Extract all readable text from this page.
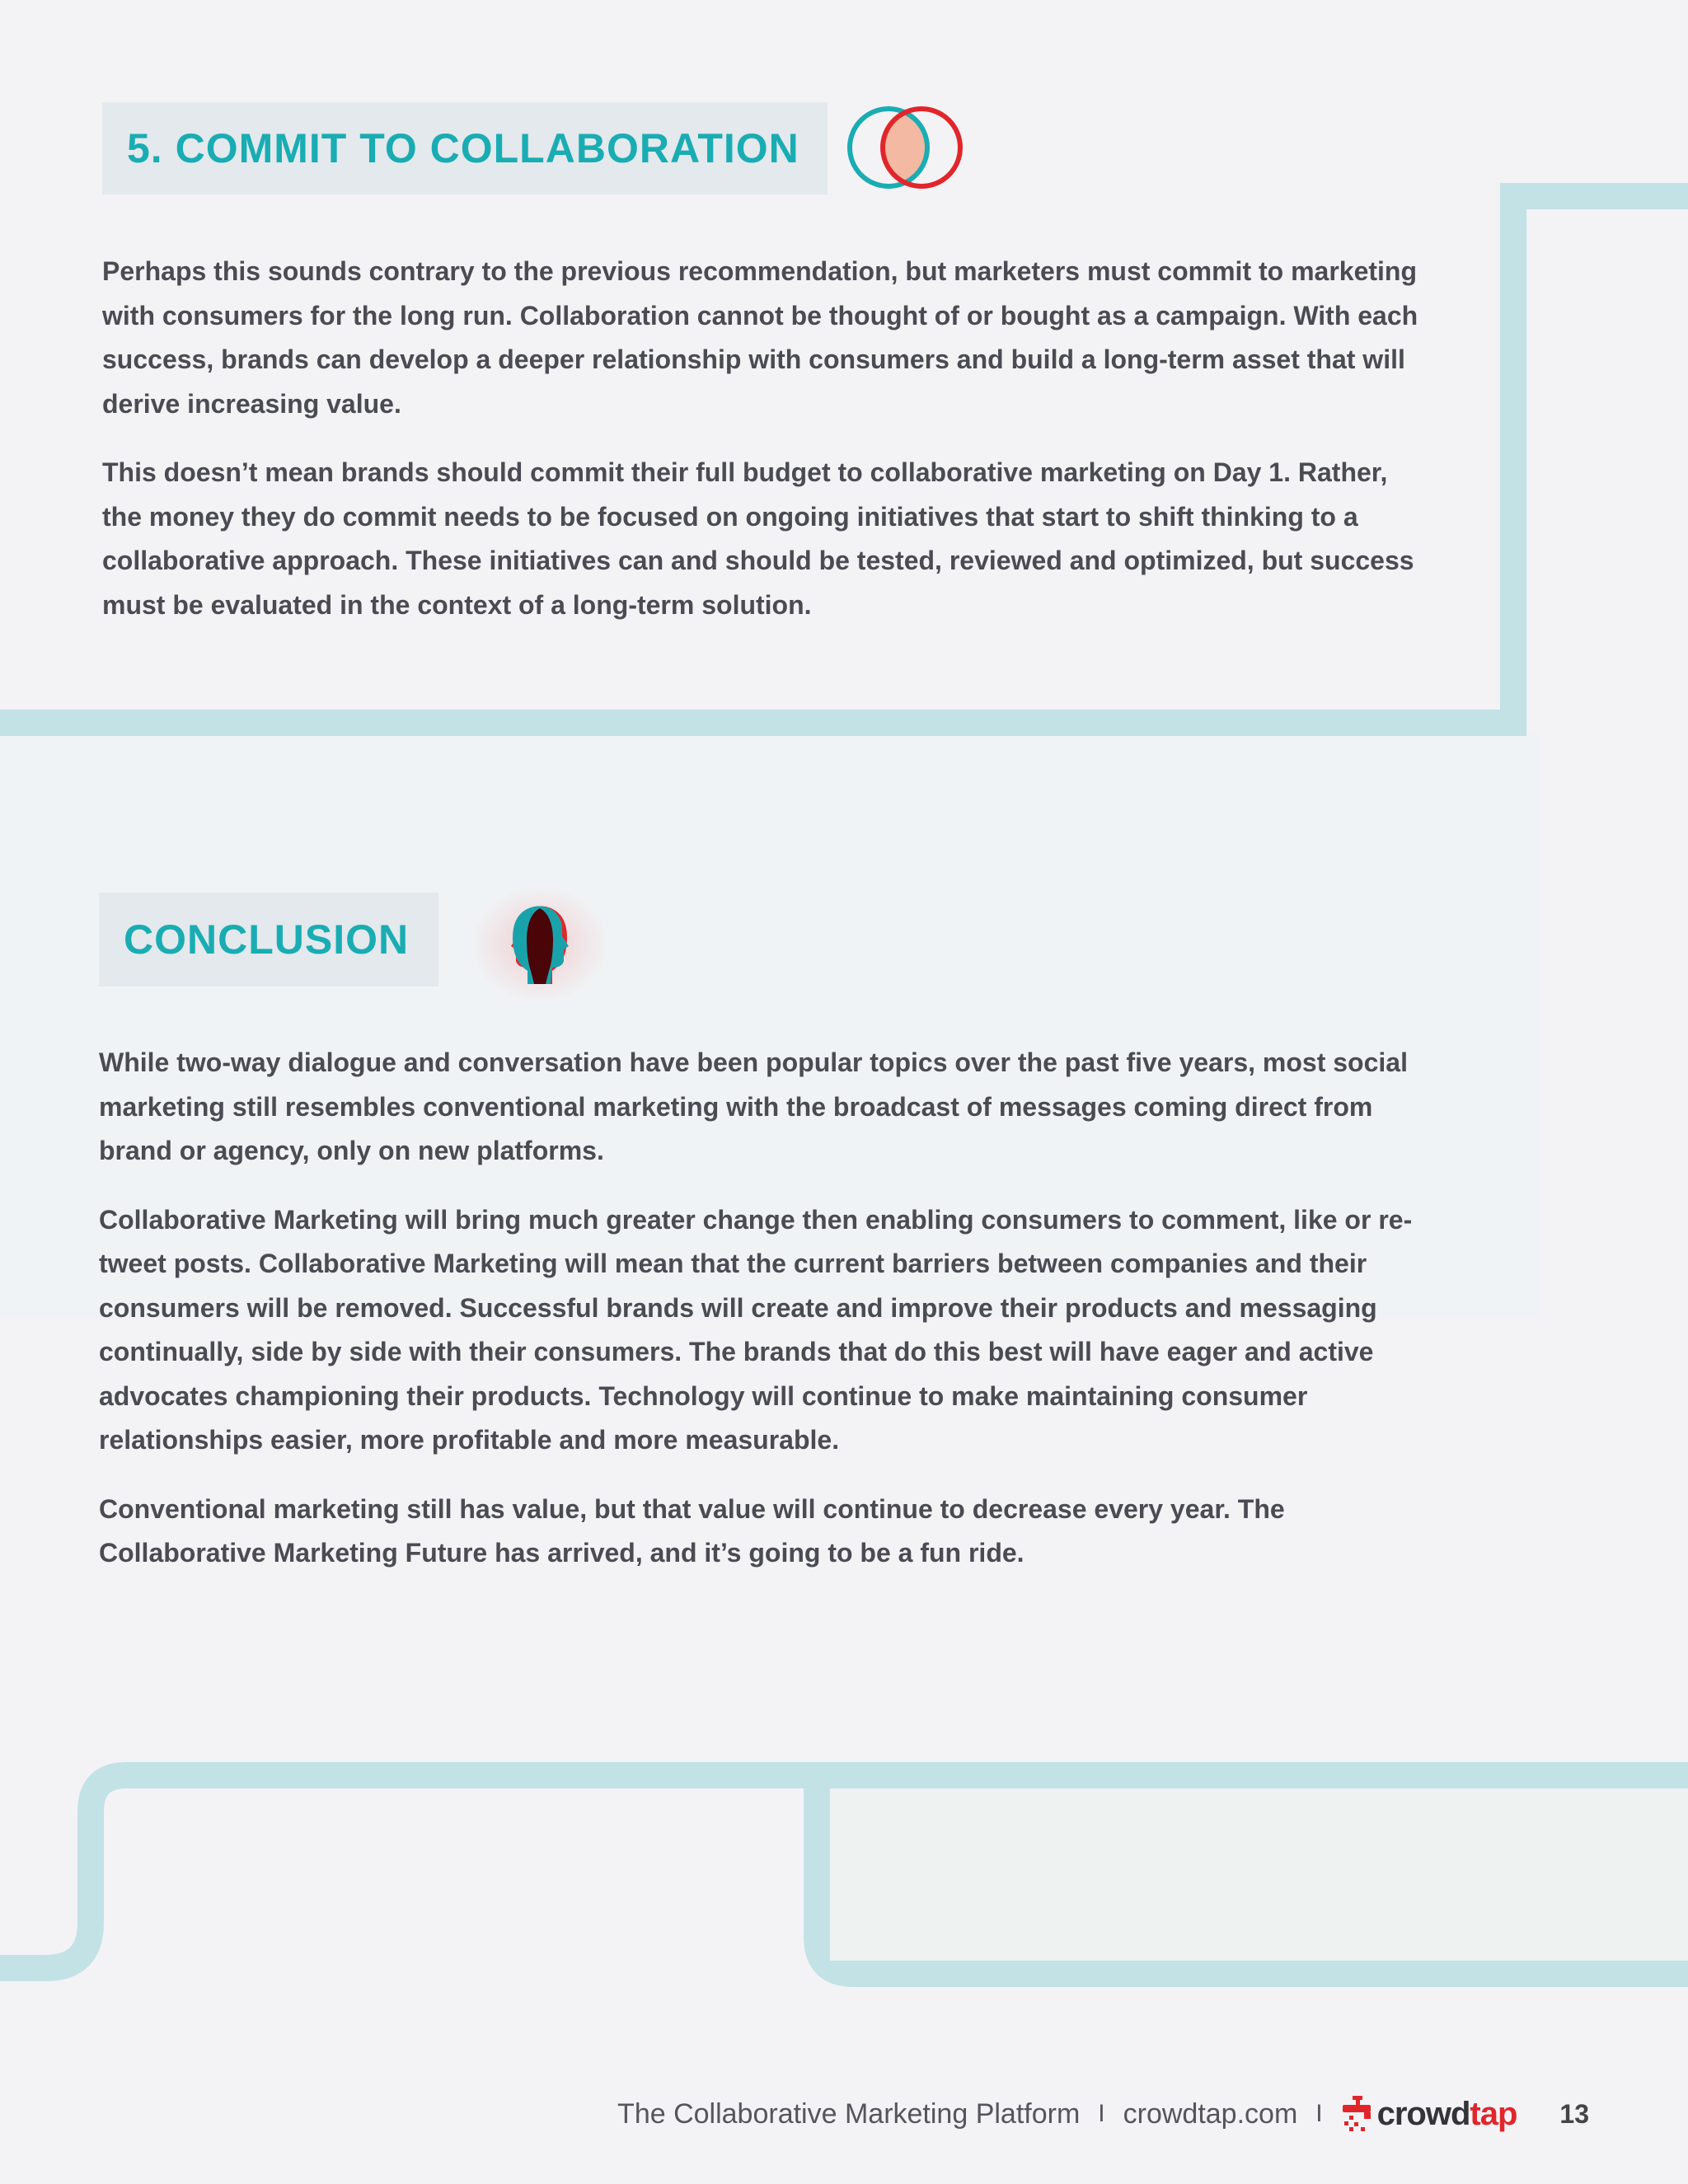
5. COMMIT TO COLLABORATION

Perhaps this sounds contrary to the previous recommendation, but marketers must commit to marketing with consumers for the long run. Collaboration cannot be thought of or bought as a campaign. With each success, brands can develop a deeper relationship with consumers and build a long-term asset that will derive increasing value.

This doesn’t mean brands should commit their full budget to collaborative marketing on Day 1. Rather, the money they do commit needs to be focused on ongoing initiatives that start to shift thinking to a collaborative approach. These initiatives can and should be tested, reviewed and optimized, but success must be evaluated in the context of a long-term solution.

CONCLUSION

While two-way dialogue and conversation have been popular topics over the past five years, most social marketing still resembles conventional marketing with the broadcast of messages coming direct from brand or agency, only on new platforms.

Collaborative Marketing will bring much greater change then enabling consumers to comment, like or re-tweet posts. Collaborative Marketing will mean that the current barriers between companies and their consumers will be removed. Successful brands will create and improve their products and messaging continually, side by side with their consumers. The brands that do this best will have eager and active advocates championing their products. Technology will continue to make maintaining consumer relationships easier, more profitable and more measurable.

Conventional marketing still has value, but that value will continue to decrease every year. The Collaborative Marketing Future has arrived, and it’s going to be a fun ride.

The Collaborative Marketing Platform I crowdtap.com I crowdtap 13
